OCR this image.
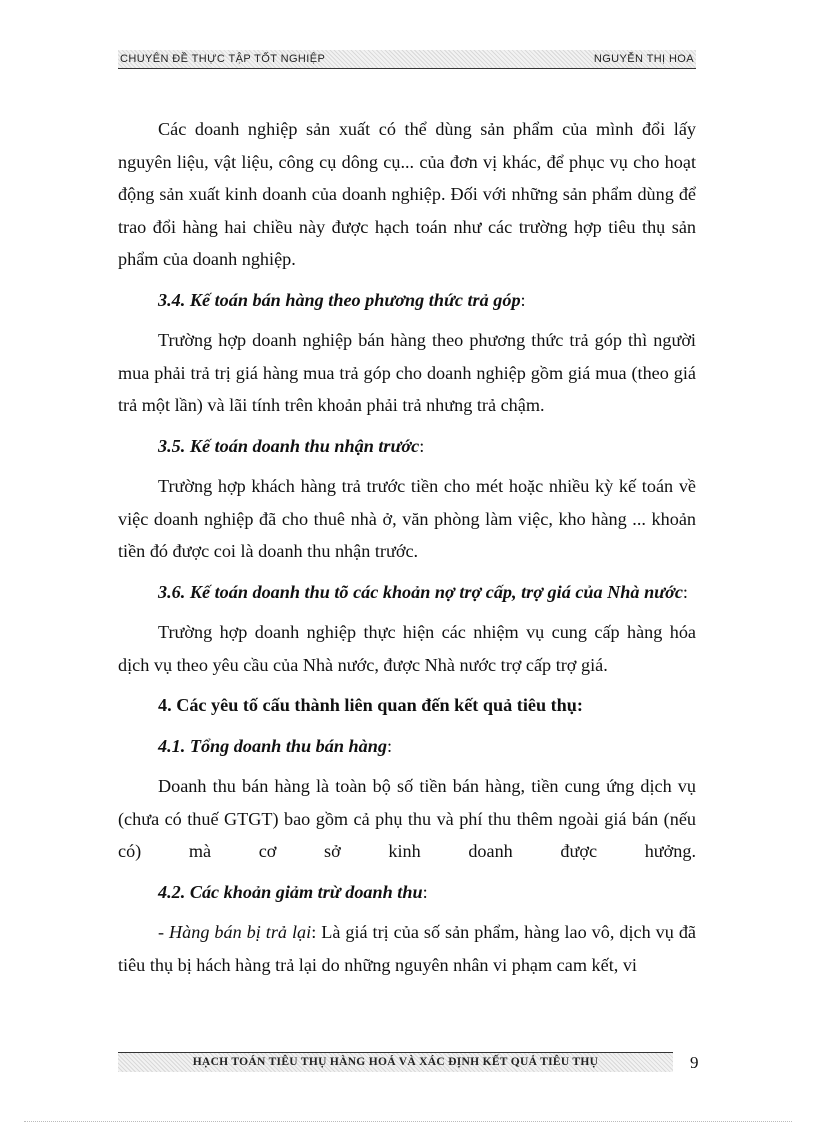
CHUYÊN ĐỀ THỰC TẬP TỐT NGHIỆP	NGUYỄN THỊ HOA

Các doanh nghiệp sản xuất có thể dùng sản phẩm của mình đổi lấy nguyên liệu, vật liệu, công cụ dông cụ... của đơn vị khác, để phục vụ cho hoạt động sản xuất kinh doanh của doanh nghiệp. Đối với những sản phẩm dùng để trao đổi hàng hai chiều này được hạch toán như các trường hợp tiêu thụ sản phẩm của doanh nghiệp.

3.4. Kế toán bán hàng theo phương thức trả góp:

Trường hợp doanh nghiệp bán hàng theo phương thức trả góp thì người mua phải trả trị giá hàng mua trả góp cho doanh nghiệp gồm giá mua (theo giá trả một lần) và lãi tính trên khoản phải trả nhưng trả chậm.

3.5. Kế toán doanh thu nhận trước:

Trường hợp khách hàng trả trước tiền cho mét hoặc nhiều kỳ kế toán về việc doanh nghiệp đã cho thuê nhà ở, văn phòng làm việc, kho hàng ... khoản tiền đó được coi là doanh thu nhận trước.

3.6. Kế toán doanh thu tõ các khoản nợ trợ cấp, trợ giá của Nhà nước:

Trường hợp doanh nghiệp thực hiện các nhiệm vụ cung cấp hàng hóa dịch vụ theo yêu cầu của Nhà nước, được Nhà nước trợ cấp trợ giá.

4. Các yêu tố cấu thành liên quan đến kết quả tiêu thụ:

4.1. Tổng doanh thu bán hàng:

Doanh thu bán hàng là toàn bộ số tiền bán hàng, tiền cung ứng dịch vụ (chưa có thuế GTGT) bao gồm cả phụ thu và phí thu thêm ngoài giá bán (nếu có) mà cơ sở kinh doanh được hưởng.

4.2. Các khoản giảm trừ doanh thu:

- Hàng bán bị trả lại: Là giá trị của số sản phẩm, hàng lao vô, dịch vụ đã tiêu thụ bị hách hàng trả lại do những nguyên nhân vi phạm cam kết, vi

HẠCH TOÁN TIÊU THỤ HÀNG HOÁ VÀ XÁC ĐỊNH KẾT QUẢ TIÊU THỤ	9
